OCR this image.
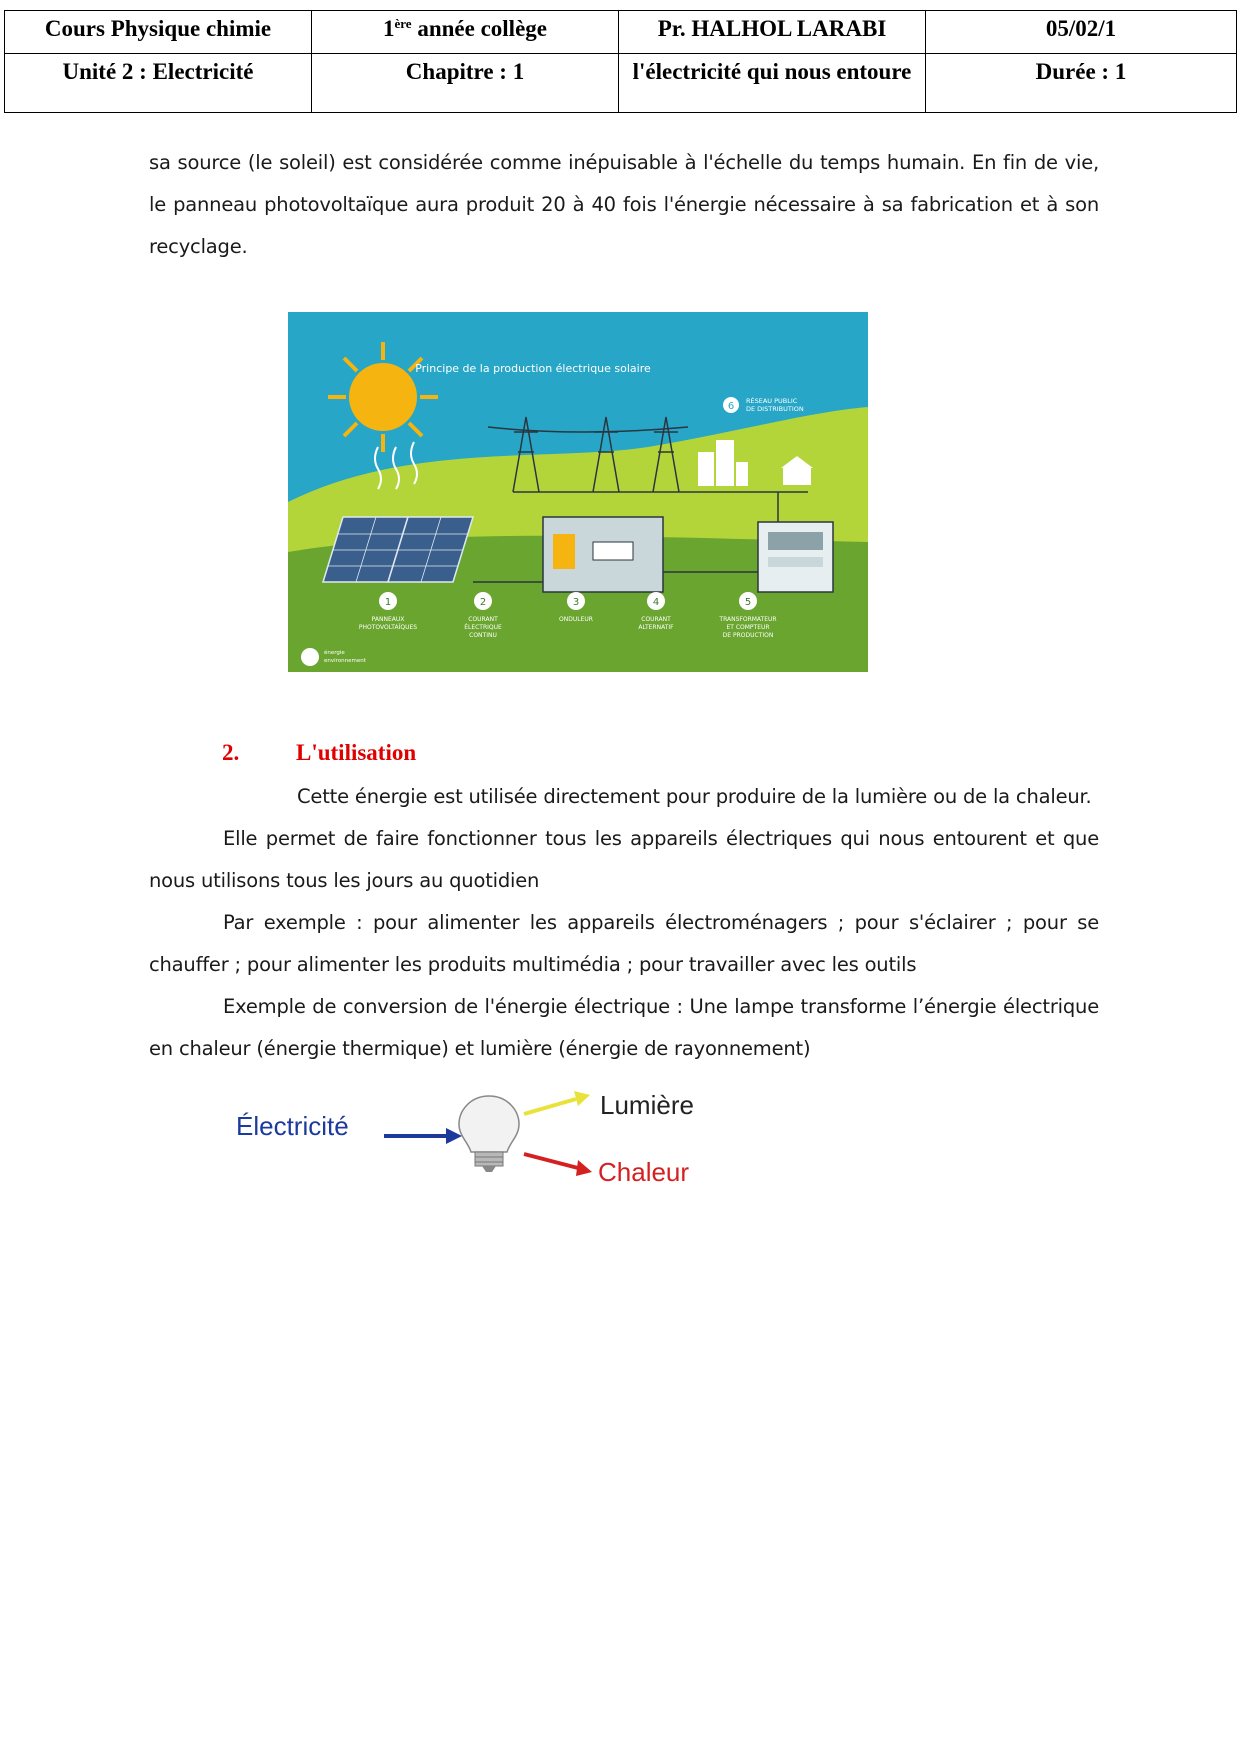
Cours Physique chimie	1ère année collège	Pr. HALHOL LARABI	05/02/1
Unité 2 : Electricité	Chapitre : 1	l'électricité qui nous entoure	Durée : 1

sa source (le soleil) est considérée comme inépuisable à l'échelle du temps humain. En fin de vie, le panneau photovoltaïque aura produit 20 à 40 fois l'énergie nécessaire à sa fabrication et à son recyclage.

Principe de la production électrique solaire
6 RÉSEAU PUBLIC
DE DISTRIBUTION
1
PANNEAUX
PHOTOVOLTAÏQUES
2
COURANT
ÉLECTRIQUE
CONTINU
3
ONDULEUR
4
COURANT
ALTERNATIF
5
TRANSFORMATEUR
ET COMPTEUR
DE PRODUCTION
énergie
environnement
2. L'utilisation

Cette énergie est utilisée directement pour produire de la lumière ou de la chaleur.

Elle permet de faire fonctionner tous les appareils électriques qui nous entourent et que nous utilisons tous les jours au quotidien

Par exemple : pour alimenter les appareils électroménagers ; pour s'éclairer ; pour se chauffer ; pour alimenter les produits multimédia ; pour travailler avec les outils

Exemple de conversion de l'énergie électrique : Une lampe transforme l’énergie électrique en chaleur (énergie thermique) et lumière (énergie de rayonnement)

Électricité
Lumière
Chaleur
